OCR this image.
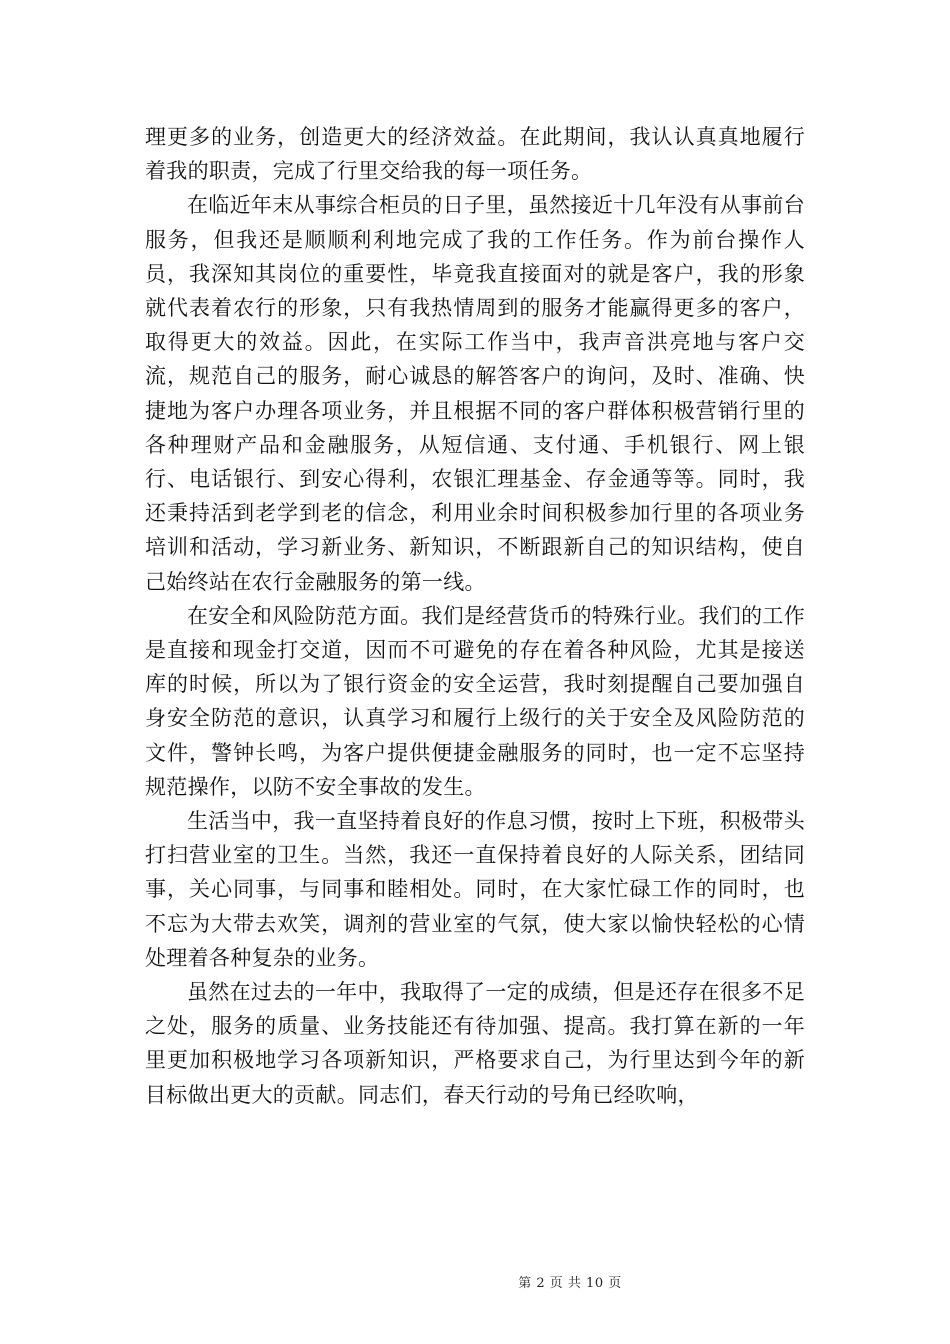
理更多的业务，创造更大的经济效益。在此期间，我认认真真地履行着我的职责，完成了行里交给我的每一项任务。

在临近年末从事综合柜员的日子里，虽然接近十几年没有从事前台服务，但我还是顺顺利利地完成了我的工作任务。作为前台操作人员，我深知其岗位的重要性，毕竟我直接面对的就是客户，我的形象就代表着农行的形象，只有我热情周到的服务才能赢得更多的客户，取得更大的效益。因此，在实际工作当中，我声音洪亮地与客户交流，规范自己的服务，耐心诚恳的解答客户的询问，及时、准确、快捷地为客户办理各项业务，并且根据不同的客户群体积极营销行里的各种理财产品和金融服务，从短信通、支付通、手机银行、网上银行、电话银行、到安心得利，农银汇理基金、存金通等等。同时，我还秉持活到老学到老的信念，利用业余时间积极参加行里的各项业务培训和活动，学习新业务、新知识，不断跟新自己的知识结构，使自己始终站在农行金融服务的第一线。

在安全和风险防范方面。我们是经营货币的特殊行业。我们的工作是直接和现金打交道，因而不可避免的存在着各种风险，尤其是接送库的时候，所以为了银行资金的安全运营，我时刻提醒自己要加强自身安全防范的意识，认真学习和履行上级行的关于安全及风险防范的文件，警钟长鸣，为客户提供便捷金融服务的同时，也一定不忘坚持规范操作，以防不安全事故的发生。

生活当中，我一直坚持着良好的作息习惯，按时上下班，积极带头打扫营业室的卫生。当然，我还一直保持着良好的人际关系，团结同事，关心同事，与同事和睦相处。同时，在大家忙碌工作的同时，也不忘为大带去欢笑，调剂的营业室的气氛，使大家以愉快轻松的心情处理着各种复杂的业务。

虽然在过去的一年中，我取得了一定的成绩，但是还存在很多不足之处，服务的质量、业务技能还有待加强、提高。我打算在新的一年里更加积极地学习各项新知识，严格要求自己，为行里达到今年的新目标做出更大的贡献。同志们，春天行动的号角已经吹响，

第 2 页 共 10 页
